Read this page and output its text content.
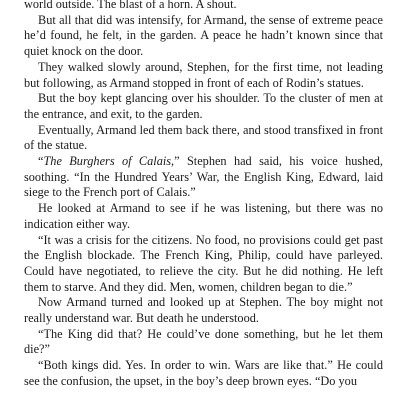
world outside. The blast of a horn. A shout.

But all that did was intensify, for Armand, the sense of extreme peace he’d found, he felt, in the garden. A peace he hadn’t known since that quiet knock on the door.

They walked slowly around, Stephen, for the first time, not leading but following, as Armand stopped in front of each of Rodin’s statues.

But the boy kept glancing over his shoulder. To the cluster of men at the entrance, and exit, to the garden.

Eventually, Armand led them back there, and stood transfixed in front of the statue.

“The Burghers of Calais,” Stephen had said, his voice hushed, soothing. “In the Hundred Years’ War, the English King, Edward, laid siege to the French port of Calais.”

He looked at Armand to see if he was listening, but there was no indication either way.

“It was a crisis for the citizens. No food, no provisions could get past the English blockade. The French King, Philip, could have parleyed. Could have negotiated, to relieve the city. But he did nothing. He left them to starve. And they did. Men, women, children began to die.”

Now Armand turned and looked up at Stephen. The boy might not really understand war. But death he understood.

“The King did that? He could’ve done something, but he let them die?”

“Both kings did. Yes. In order to win. Wars are like that.” He could see the confusion, the upset, in the boy’s deep brown eyes. “Do you
